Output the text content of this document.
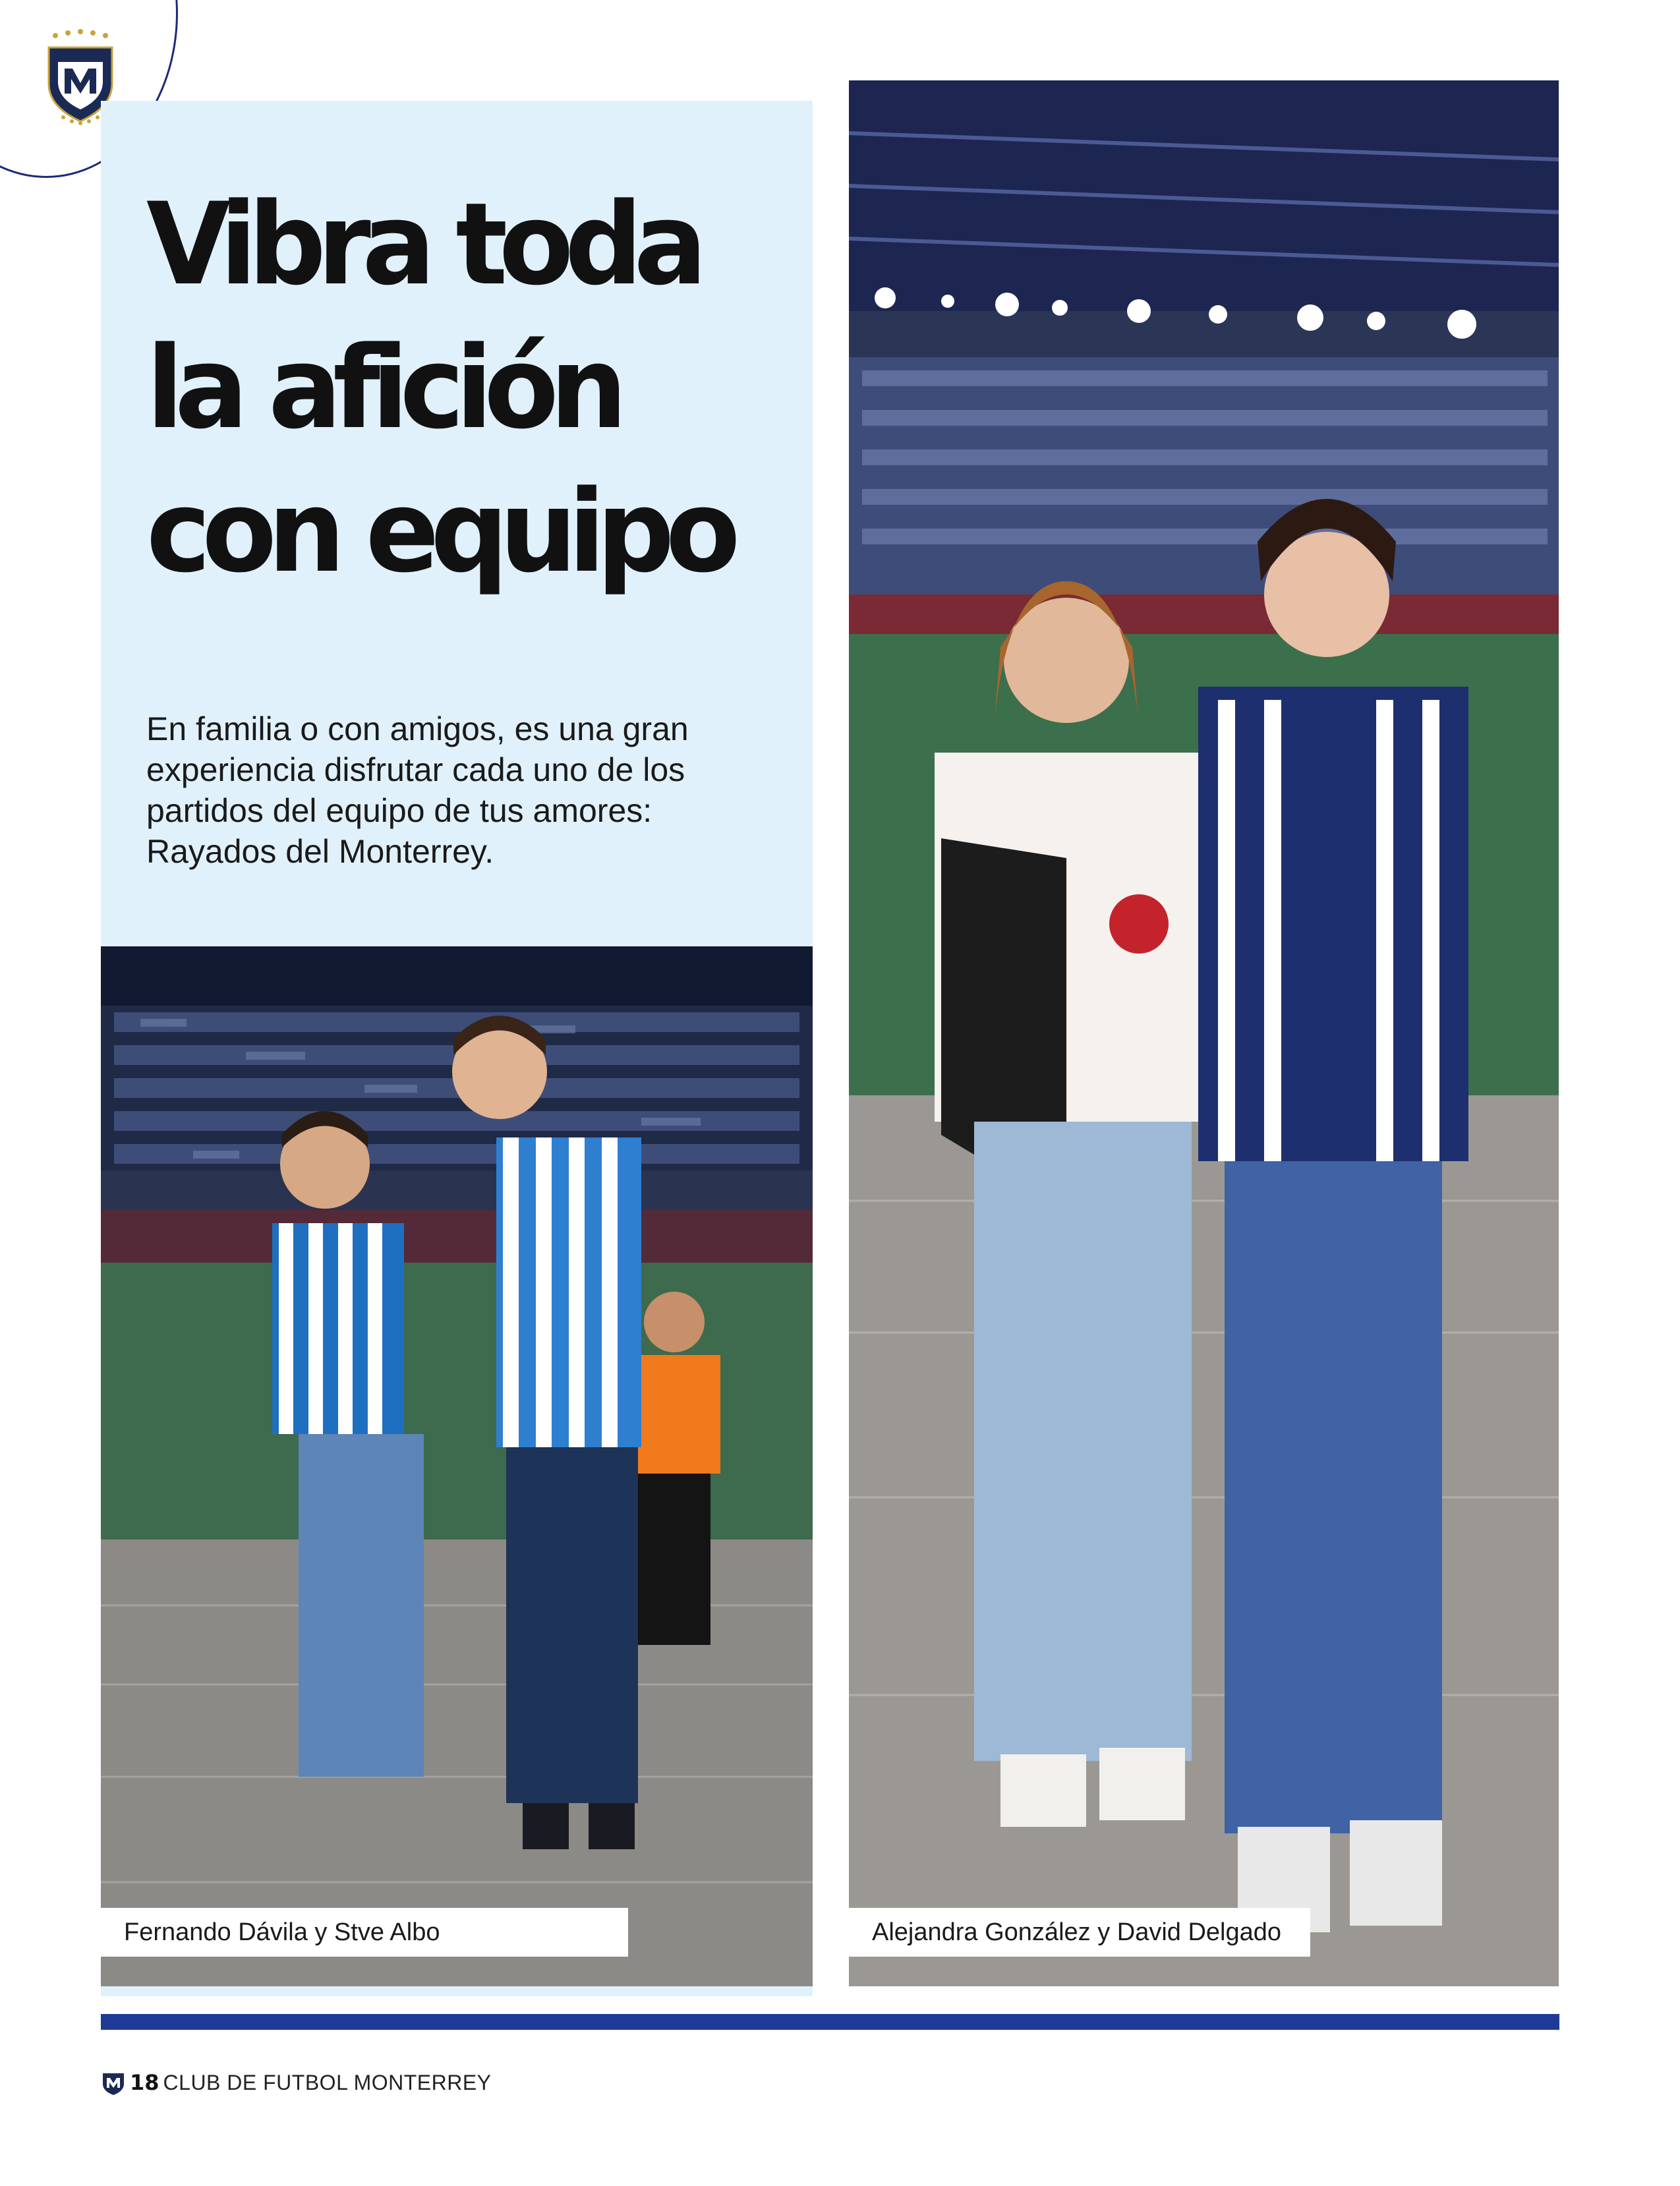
Vibra toda
la afición
con equipo

En familia o con amigos, es una gran experiencia disfrutar cada uno de los partidos del equipo de tus amores: Rayados del Monterrey.

Fernando Dávila y Stve Albo	Alejandra González y David Delgado
18 CLUB DE FUTBOL MONTERREY
